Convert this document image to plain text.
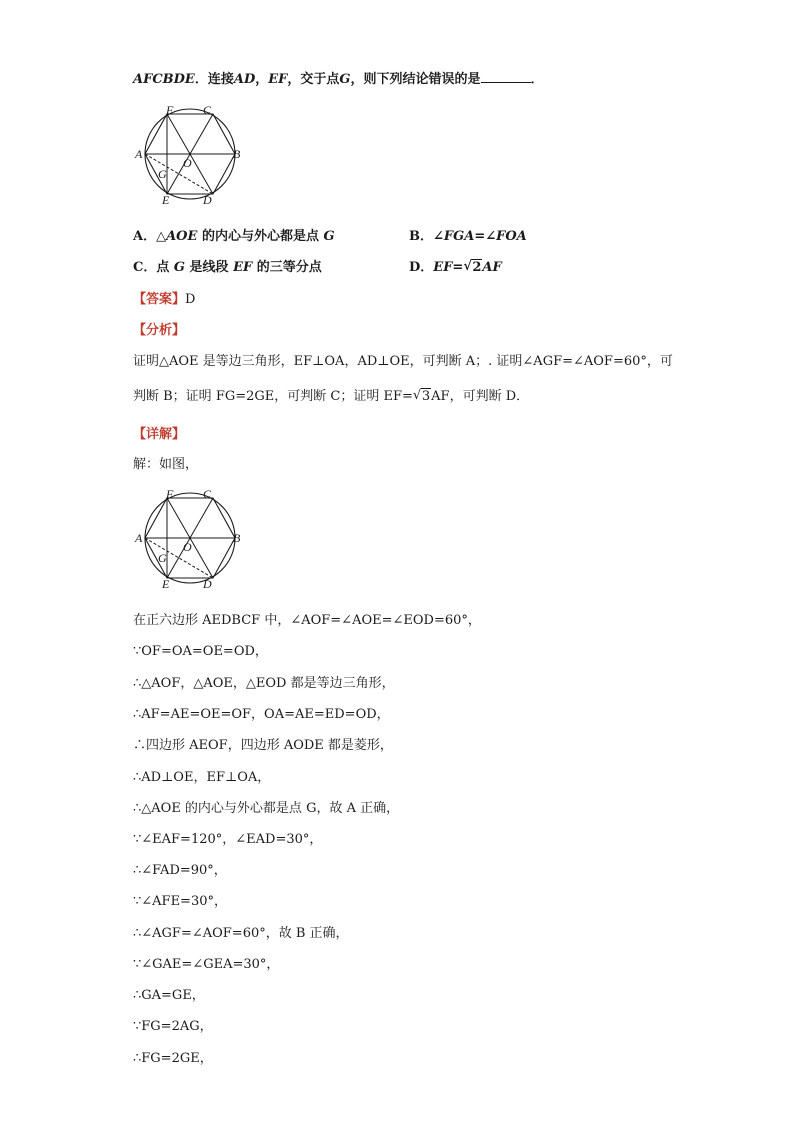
AFCBDE．连接AD，EF，交于点G，则下列结论错误的是	．
F C
A	B
O
G
E	D
A．△AOE 的内心与外心都是点 G	B．∠FGA=∠FOA
C．点 G 是线段 EF 的三等分点	D．EF= √ 2AF
【答案】D
【分析】
证明△AOE 是等边三角形，EF⊥OA，AD⊥OE，可判断 A；. 证明∠AGF=∠AOF=60°，可
判断 B；证明 FG=2GE，可判断 C；证明 EF= √ 3AF，可判断 D．
【详解】
解：如图，
F C
A	B
O
G
E	D
在正六边形 AEDBCF 中，∠AOF=∠AOE=∠EOD=60°，
∵OF=OA=OE=OD，
∴△AOF，△AOE，△EOD 都是等边三角形，
∴AF=AE=OE=OF，OA=AE=ED=OD，
∴四边形 AEOF，四边形 AODE 都是菱形，
∴AD⊥OE，EF⊥OA，
∴△AOE 的内心与外心都是点 G，故 A 正确，
∵∠EAF=120°，∠EAD=30°，
∴∠FAD=90°，
∵∠AFE=30°，
∴∠AGF=∠AOF=60°，故 B 正确，
∵∠GAE=∠GEA=30°，
∴GA=GE，
∵FG=2AG，
∴FG=2GE，
